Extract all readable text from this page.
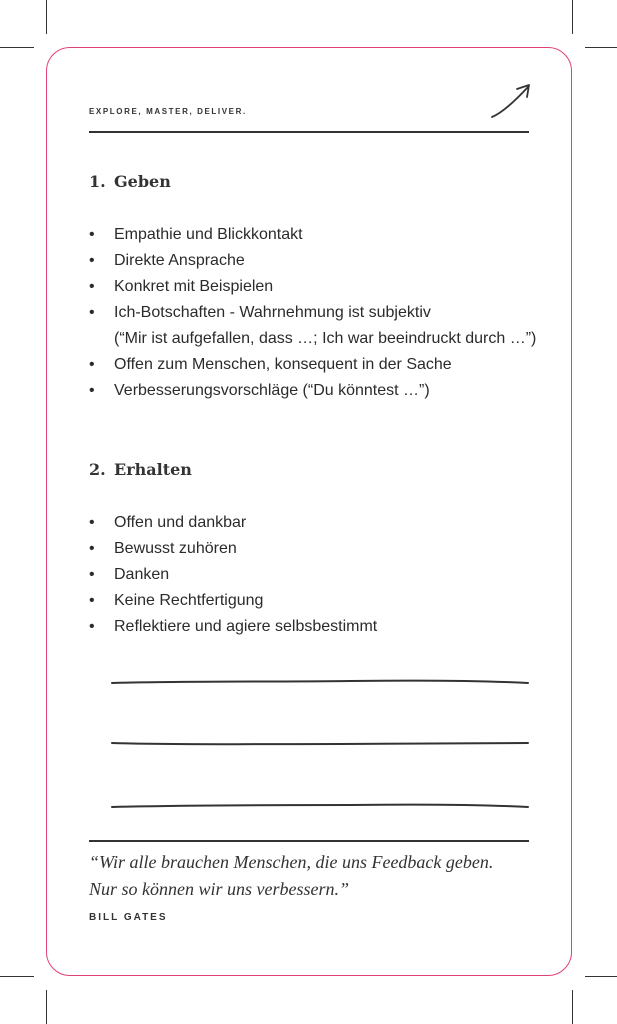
EXPLORE, MASTER, DELIVER.
1. Geben
• Empathie und Blickkontakt
• Direkte Ansprache
• Konkret mit Beispielen
• Ich-Botschaften - Wahrnehmung ist subjektiv
(“Mir ist aufgefallen, dass …; Ich war beeindruckt durch …”)
• Offen zum Menschen, konsequent in der Sache
• Verbesserungsvorschläge (“Du könntest …”)
2. Erhalten
• Offen und dankbar
• Bewusst zuhören
• Danken
• Keine Rechtfertigung
• Reflektiere und agiere selbsbestimmt
“Wir alle brauchen Menschen, die uns Feedback geben.
Nur so können wir uns verbessern.”
BILL GATES
